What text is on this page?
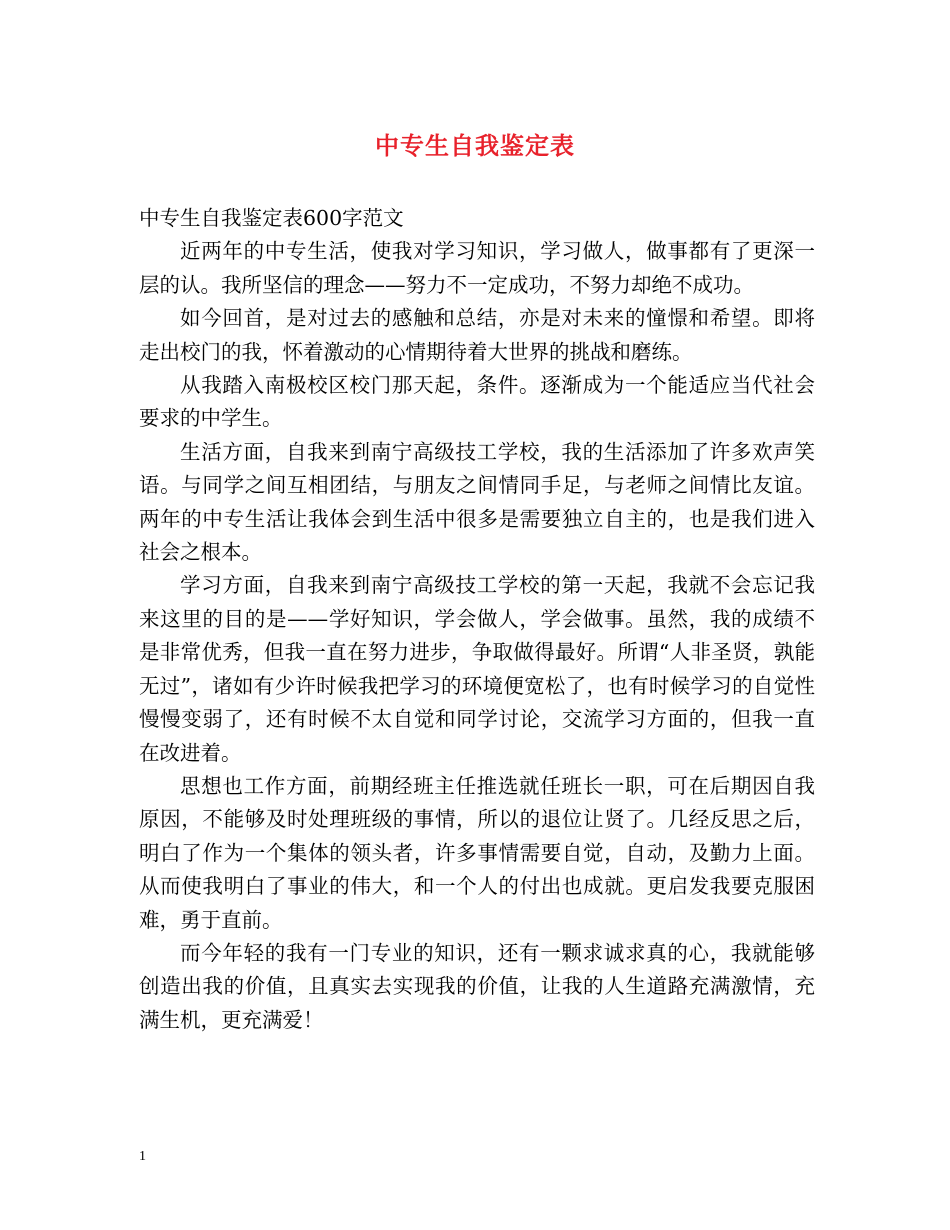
中专生自我鉴定表

中专生自我鉴定表600字范文

近两年的中专生活，使我对学习知识，学习做人，做事都有了更深一层的认。我所坚信的理念——努力不一定成功，不努力却绝不成功。

如今回首，是对过去的感触和总结，亦是对未来的憧憬和希望。即将走出校门的我，怀着激动的心情期待着大世界的挑战和磨练。

从我踏入南极校区校门那天起，条件。逐渐成为一个能适应当代社会要求的中学生。

生活方面，自我来到南宁高级技工学校，我的生活添加了许多欢声笑语。与同学之间互相团结，与朋友之间情同手足，与老师之间情比友谊。两年的中专生活让我体会到生活中很多是需要独立自主的，也是我们进入社会之根本。

学习方面，自我来到南宁高级技工学校的第一天起，我就不会忘记我来这里的目的是——学好知识，学会做人，学会做事。虽然，我的成绩不是非常优秀，但我一直在努力进步，争取做得最好。所谓“人非圣贤，孰能无过”，诸如有少许时候我把学习的环境便宽松了，也有时候学习的自觉性慢慢变弱了，还有时候不太自觉和同学讨论，交流学习方面的，但我一直在改进着。

思想也工作方面，前期经班主任推选就任班长一职，可在后期因自我原因，不能够及时处理班级的事情，所以的退位让贤了。几经反思之后，明白了作为一个集体的领头者，许多事情需要自觉，自动，及勤力上面。从而使我明白了事业的伟大，和一个人的付出也成就。更启发我要克服困难，勇于直前。

而今年轻的我有一门专业的知识，还有一颗求诚求真的心，我就能够创造出我的价值，且真实去实现我的价值，让我的人生道路充满激情，充满生机，更充满爱！

1
